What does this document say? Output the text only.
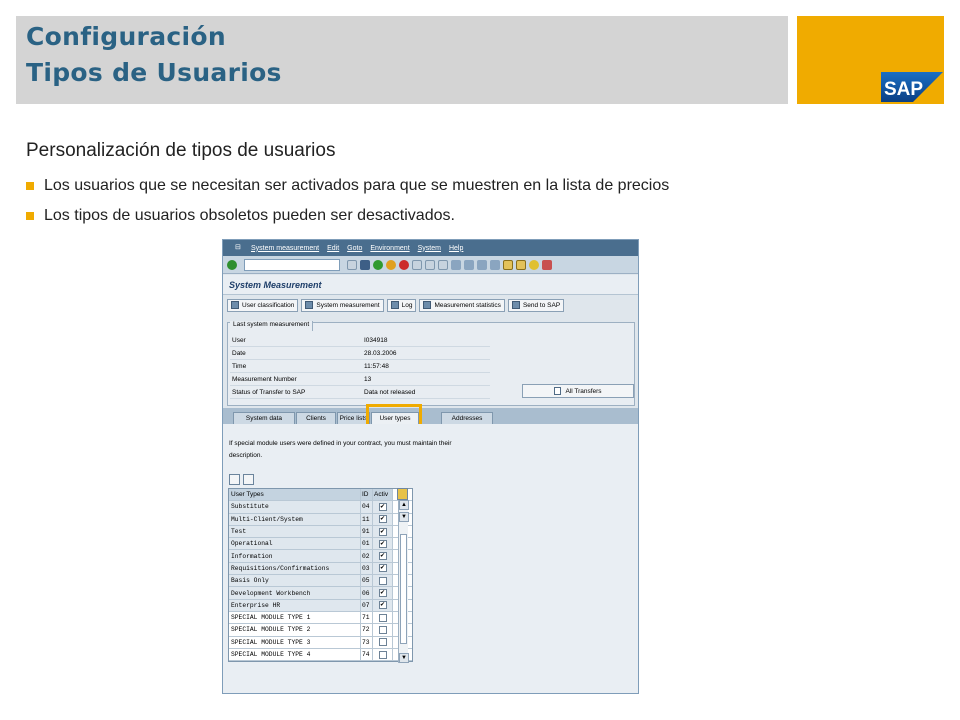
Configuración
Tipos de Usuarios
SAP
Personalización de tipos de usuarios
Los usuarios que se necesitan ser activados para que se muestren en la lista de precios
Los tipos de usuarios obsoletos pueden ser desactivados.
⊟	System measurement Edit Goto Environment System Help
System Measurement
User classification	System measurement	Log	Measurement statistics	Send to SAP
Last system measurement
User	I034918
Date	28.03.2006
Time	11:57:48
Measurement Number	13
Status of Transfer to SAP	Data not released	All Transfers
System data	Clients	Price lists	User types	Addresses
If special module users were defined in your contract, you must maintain their
description.
User Types	ID Activ
Substitute	04	✔
Multi-Client/System	11	✔
Test	91	✔
Operational	01	✔
Information	02	✔
Requisitions/Confirmations	03	✔
Basis Only	05
Development Workbench	06	✔
Enterprise HR	07	✔
SPECIAL MODULE TYPE 1	71
SPECIAL MODULE TYPE 2	72
SPECIAL MODULE TYPE 3	73
SPECIAL MODULE TYPE 4	74
▲
▼
▼
